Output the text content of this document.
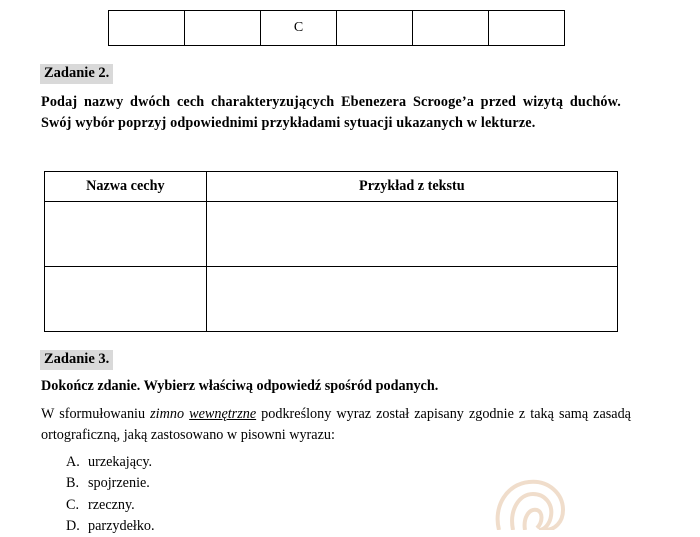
		C			
Zadanie 2.
Podaj nazwy dwóch cech charakteryzujących Ebenezera Scrooge’a przed wizytą duchów. Swój wybór poprzyj odpowiednimi przykładami sytuacji ukazanych w lekturze.
Nazwa cechy	Przykład z tekstu

Zadanie 3.
Dokończ zdanie. Wybierz właściwą odpowiedź spośród podanych.
W sformułowaniu zimno wewnętrzne podkreślony wyraz został zapisany zgodnie z taką samą zasadą ortograficzną, jaką zastosowano w pisowni wyrazu:
A. urzekający.
B. spojrzenie.
C. rzeczny.
D. parzydełko.
